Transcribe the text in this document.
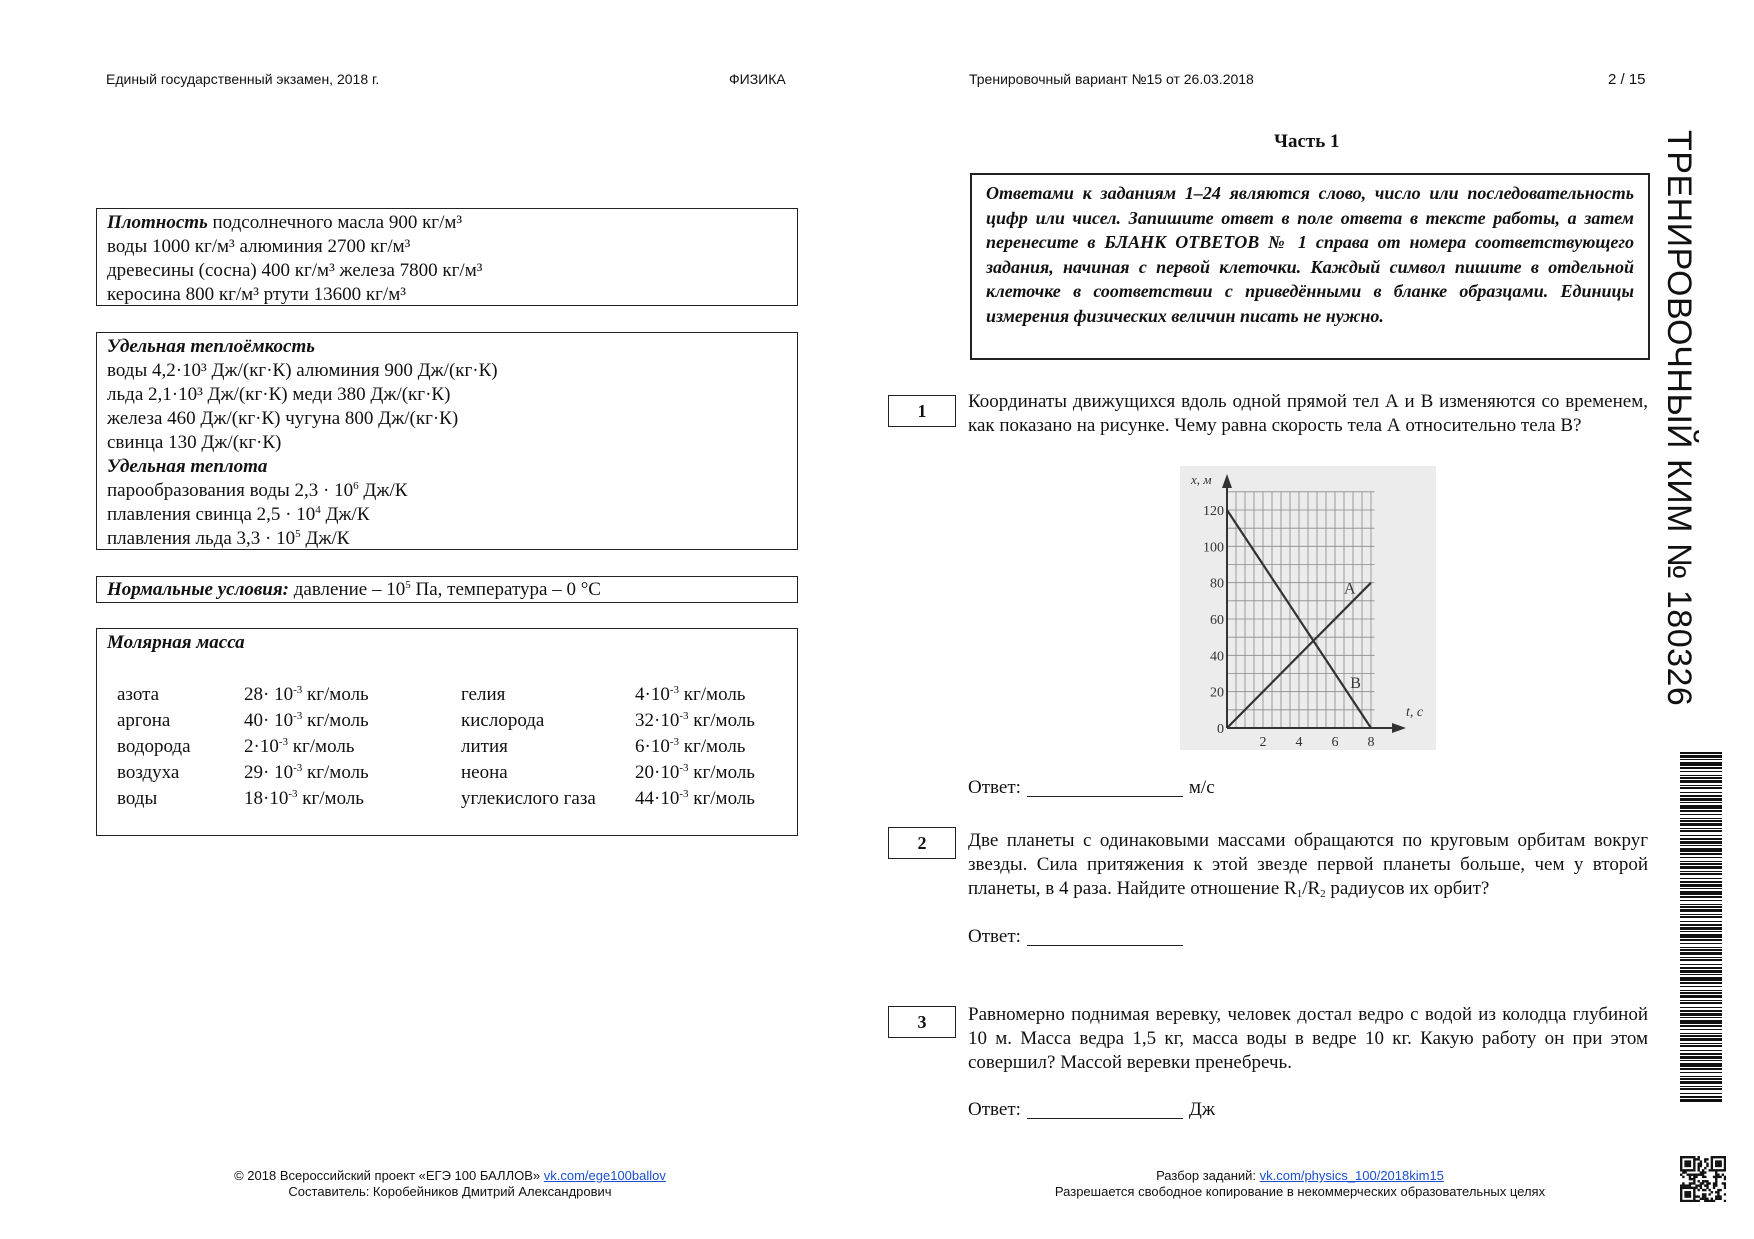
Единый государственный экзамен, 2018 г.	ФИЗИКА	Тренировочный вариант №15 от 26.03.2018	2 / 15
ТРЕНИРОВОЧНЫЙ КИМ № 180326
Плотность подсолнечного масла 900 кг/м³
воды 1000 кг/м³ алюминия 2700 кг/м³
древесины (сосна) 400 кг/м³ железа 7800 кг/м³
керосина 800 кг/м³ ртути 13600 кг/м³
Удельная теплоёмкость
воды 4,2·10³ Дж/(кг·К) алюминия 900 Дж/(кг·К)
льда 2,1·10³ Дж/(кг·К) меди 380 Дж/(кг·К)
железа 460 Дж/(кг·К) чугуна 800 Дж/(кг·К)
свинца 130 Дж/(кг·К)
Удельная теплота
парообразования воды $2,3 \cdot 10^6$ Дж/К
плавления свинца $2,5 \cdot 10^4$ Дж/К
плавления льда $3,3 \cdot 10^5$ Дж/К
Нормальные условия: давление – $10^5$ Па, температура – 0 °С
Молярная масса
азота	$28\cdot 10^{-3}$ кг/моль	гелия	$4\cdot 10^{-3}$ кг/моль
аргона	$40\cdot 10^{-3}$ кг/моль	кислорода	$32\cdot 10^{-3}$ кг/моль
водорода	$2\cdot 10^{-3}$ кг/моль	лития	$6\cdot 10^{-3}$ кг/моль
воздуха	$29\cdot 10^{-3}$ кг/моль	неона	$20\cdot 10^{-3}$ кг/моль
воды	$18\cdot 10^{-3}$ кг/моль	углекислого газа $44\cdot 10^{-3}$ кг/моль
Часть 1
Ответами к заданиям 1–24 являются слово, число или последовательность цифр или чисел. Запишите ответ в поле ответа в тексте работы, а затем перенесите в БЛАНК ОТВЕТОВ № 1 справа от номера соответствующего задания, начиная с первой клеточки. Каждый символ пишите в отдельной клеточке в соответствии с приведёнными в бланке образцами. Единицы измерения физических величин писать не нужно.
1	Координаты движущихся вдоль одной прямой тел А и В изменяются со временем, как показано на рисунке. Чему равна скорость тела А относительно тела В?
0
20
40
60
80
100
120
2 4 6 8
x, м
t, c
A
B
Ответ:	м/с
2	Две планеты с одинаковыми массами обращаются по круговым орбитам вокруг звезды. Сила притяжения к этой звезде первой планеты больше, чем у второй планеты, в 4 раза. Найдите отношение $R_1/R_2$ радиусов их орбит?
Ответ:
3	Равномерно поднимая веревку, человек достал ведро с водой из колодца глубиной 10 м. Масса ведра 1,5 кг, масса воды в ведре 10 кг. Какую работу он при этом совершил? Массой веревки пренебречь.
Ответ:	Дж
© 2018 Всероссийский проект «ЕГЭ 100 БАЛЛОВ» vk.com/ege100ballov
Составитель: Коробейников Дмитрий Александрович
Разбор заданий: vk.com/physics_100/2018kim15
Разрешается свободное копирование в некоммерческих образовательных целях
